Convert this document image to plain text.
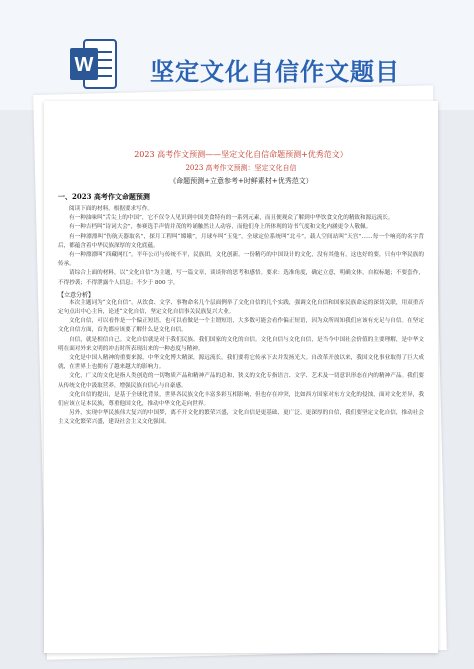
W 坚定文化自信作文题目
2023 高考作文预测——坚定文化自信命题预测+优秀范文）
2023 高考作文预测：坚定文化自信
《命题预测+立意参考+时鲜素材+优秀范文）
一、2023 高考作文命题预测

阅读下面的材料，根据要求写作。

有一种油味叫“舌尖上的中国”，它不仅令人见识到中国美食特有的一系列元素，而且便观众了解到中华饮食文化的精致和源远流长。

有一种吉档叫“诗词大会”，参赛选手声情并茂的吟诵触然让人动容，而他们身上所体现的诗书气度和文化内涵更令人敬佩。

有一种漂漂叫“伤航天器取名”，探月工程叫“嫦娥”，月球车叫“玉兔”，全球定位系统叫“北斗”，载人空间站叫“天宫”……每一个响亮的名字背后，都蕴含着中华民族深厚的文化底蕴。

有一种漂漂叫“西藏网红”，平年公司与传统不平，民族团，文化创新。一份精巧的中国设计的文化，没有其他有，这也好的要，只有中华民族的传承。

请综合上面的材料，以“文化自信”为主题，写一篇文章，谈谈你的思考和感悟。要求：选准角度，确定立意，明确文体，自拟标题；不要套作，不得抄袭；不得泄露个人信息；不少于 800 字。

【立意分析】

本次主题词为“文化自信”，从饮食、文学、事物命名几个层面例举了文化自信的几个实践，强调文化自信和国家民族命运的深切关联，用双重否定句点出中心主旨，论述“文化自信，坚定文化自信事关民族复兴大业。

文化自信，可以看作是一个偏正短语，也可以看做是一个主谓短语，大多数可能会看作偏正短语，因为众所周知我们应该有充足与自信。在坚定文化自信方面，首先都应该要了解什么是文化自信。

自信，就是相信自己。文化自信就是对于我们民族、我们国家的文化的自信。文化自信与文化自信，是当今中国社会价值的主要理解，是中华文明在面对外来文明的冲击时所表现出来的一种态度与精神。

文化是中国人精神的重要来源。中华文化博大精深，源远流长，我们要将它传承下去并发扬光大。自改革开放以来，我国文化事业取得了巨大成就，在世界上也拥有了越来越大的影响力。

文化，广义的文化是指人类创造的一切物质产品和精神产品的总和，狭义的文化专指语言、文学、艺术及一切意识形态在内的精神产品。我们要从传统文化中汲取营养，增强民族自信心与自豪感。

文化自信的提出，是基于全球化背景，世界各民族文化丰富多彩互相影响，但也存在冲突，比如西方国家对东方文化的侵蚀，面对文化差异，我们应该立足本民族，尊重他国文化，推动中华文化走向世界。

另外，实现中华民族伟大复兴的中国梦，离不开文化的繁荣兴盛，文化自信是更基础、更广泛、更深厚的自信，我们要坚定文化自信，推动社会主义文化繁荣兴盛，建设社会主义文化强国。
